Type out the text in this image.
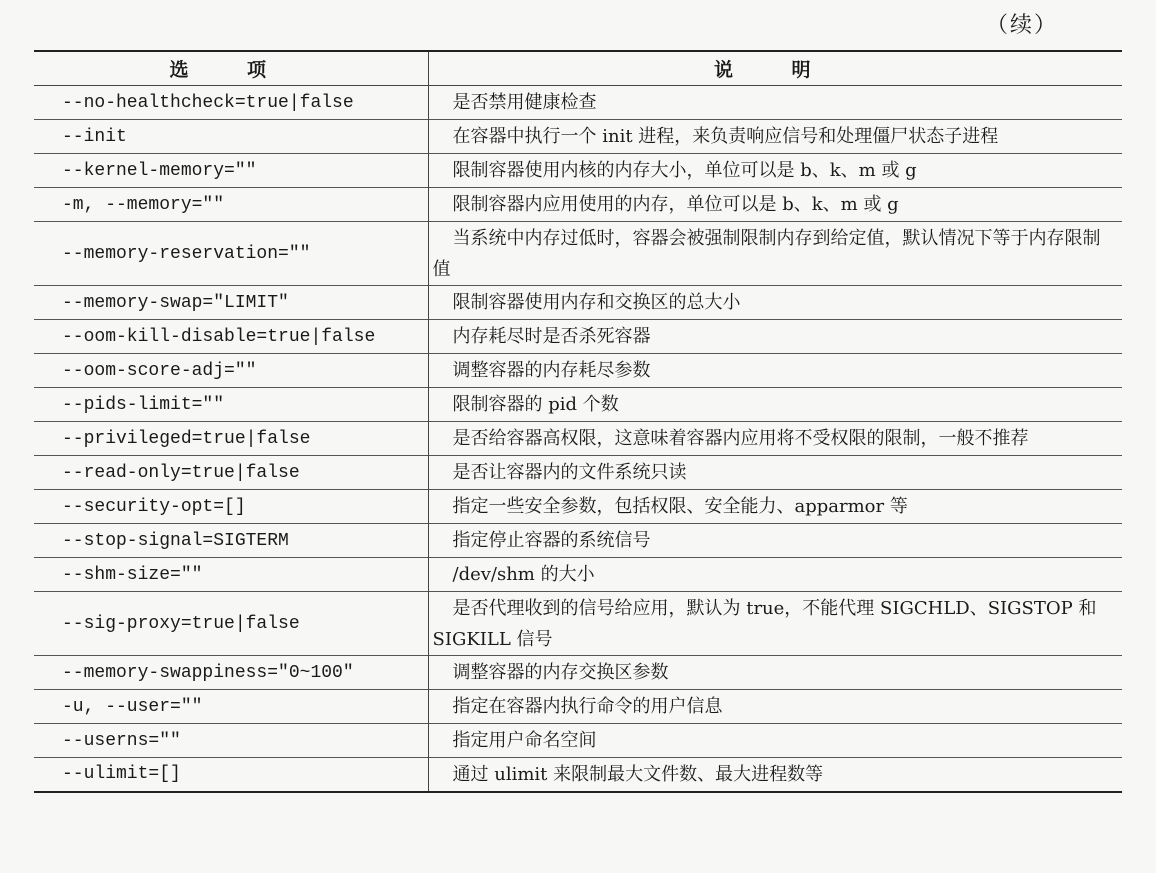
（续）
选 项	说 明
--no-healthcheck=true|false	是否禁用健康检查
--init	在容器中执行一个 init 进程，来负责响应信号和处理僵尸状态子进程
--kernel-memory=""	限制容器使用内核的内存大小，单位可以是 b、k、m 或 g
-m, --memory=""	限制容器内应用使用的内存，单位可以是 b、k、m 或 g
--memory-reservation=""	当系统中内存过低时，容器会被强制限制内存到给定值，默认情况下等于内存限制值
--memory-swap="LIMIT"	限制容器使用内存和交换区的总大小
--oom-kill-disable=true|false	内存耗尽时是否杀死容器
--oom-score-adj=""	调整容器的内存耗尽参数
--pids-limit=""	限制容器的 pid 个数
--privileged=true|false	是否给容器高权限，这意味着容器内应用将不受权限的限制，一般不推荐
--read-only=true|false	是否让容器内的文件系统只读
--security-opt=[]	指定一些安全参数，包括权限、安全能力、apparmor 等
--stop-signal=SIGTERM	指定停止容器的系统信号
--shm-size=""	/dev/shm 的大小
--sig-proxy=true|false	是否代理收到的信号给应用，默认为 true，不能代理 SIGCHLD、SIGSTOP 和 SIGKILL 信号
--memory-swappiness="0~100"	调整容器的内存交换区参数
-u, --user=""	指定在容器内执行命令的用户信息
--userns=""	指定用户命名空间
--ulimit=[]	通过 ulimit 来限制最大文件数、最大进程数等
